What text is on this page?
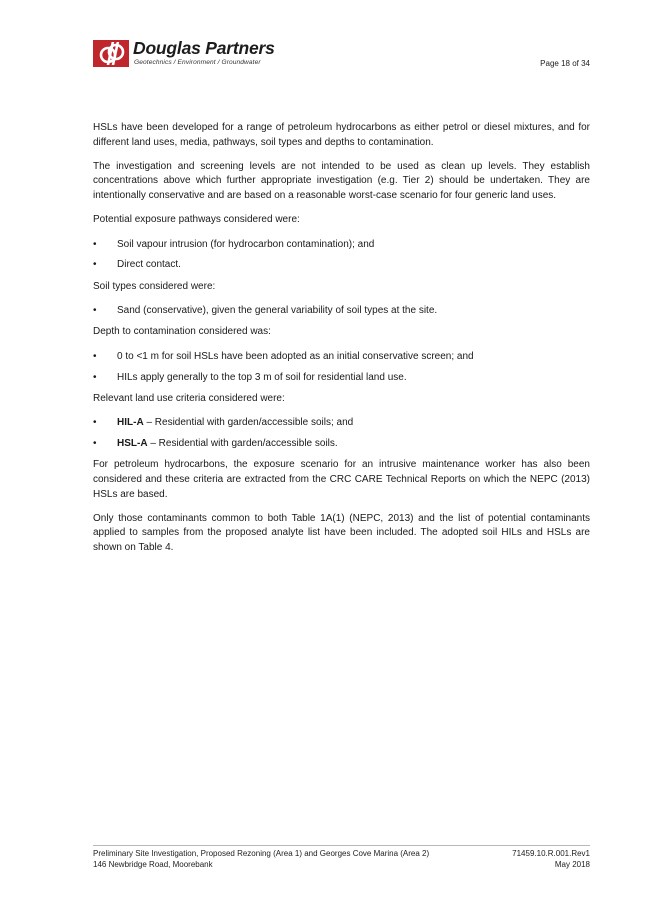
Douglas Partners
Geotechnics / Environment / Groundwater	Page 18 of 34

HSLs have been developed for a range of petroleum hydrocarbons as either petrol or diesel mixtures, and for different land uses, media, pathways, soil types and depths to contamination.

The investigation and screening levels are not intended to be used as clean up levels. They establish concentrations above which further appropriate investigation (e.g. Tier 2) should be undertaken. They are intentionally conservative and are based on a reasonable worst-case scenario for four generic land uses.

Potential exposure pathways considered were:

• Soil vapour intrusion (for hydrocarbon contamination); and
• Direct contact.

Soil types considered were:

• Sand (conservative), given the general variability of soil types at the site.

Depth to contamination considered was:

• 0 to <1 m for soil HSLs have been adopted as an initial conservative screen; and
• HILs apply generally to the top 3 m of soil for residential land use.

Relevant land use criteria considered were:

• HIL-A – Residential with garden/accessible soils; and
• HSL-A – Residential with garden/accessible soils.

For petroleum hydrocarbons, the exposure scenario for an intrusive maintenance worker has also been considered and these criteria are extracted from the CRC CARE Technical Reports on which the NEPC (2013) HSLs are based.

Only those contaminants common to both Table 1A(1) (NEPC, 2013) and the list of potential contaminants applied to samples from the proposed analyte list have been included. The adopted soil HILs and HSLs are shown on Table 4.

Preliminary Site Investigation, Proposed Rezoning (Area 1) and Georges Cove Marina (Area 2)
146 Newbridge Road, Moorebank
71459.10.R.001.Rev1
May 2018
